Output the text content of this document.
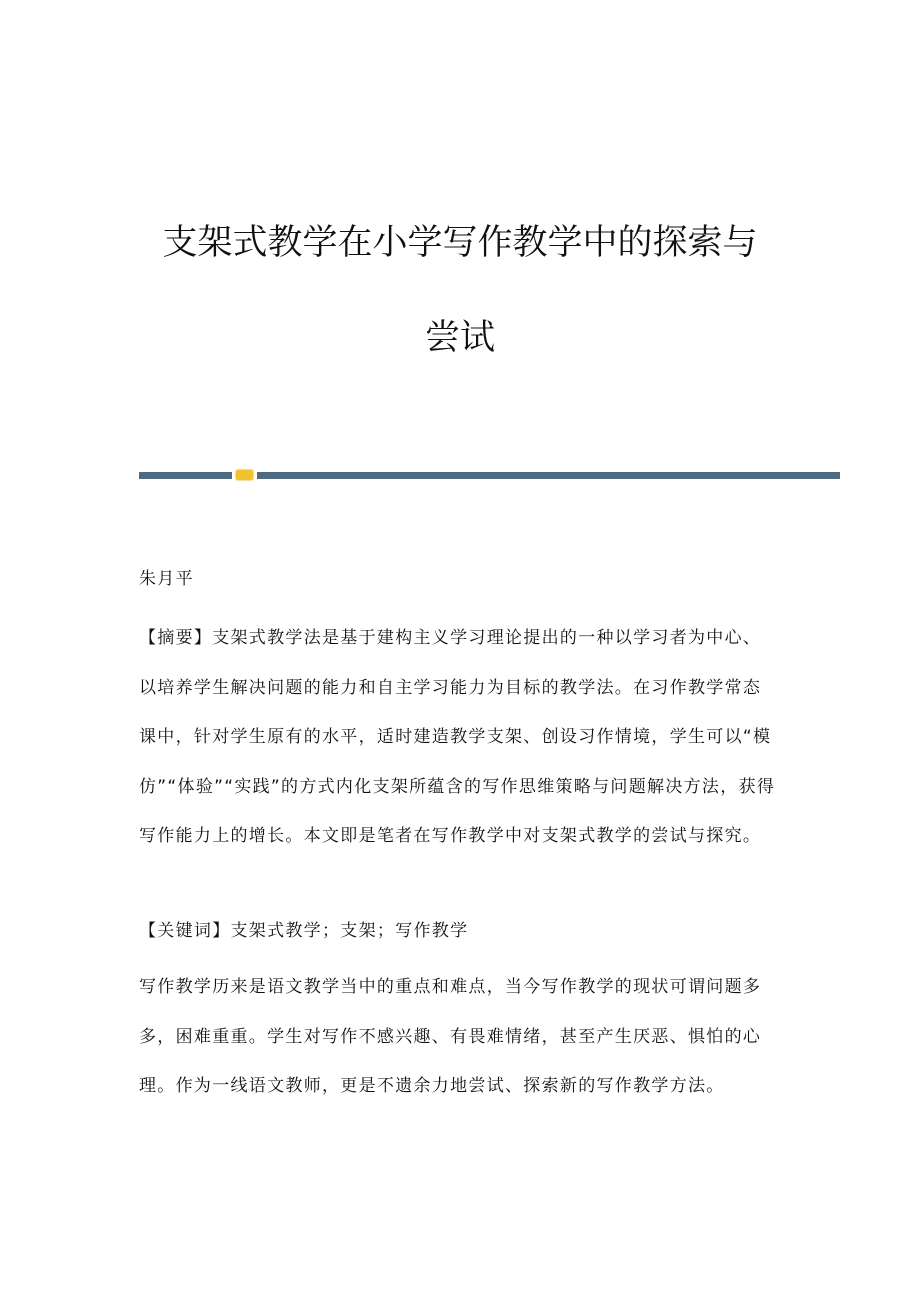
支架式教学在小学写作教学中的探索与
尝试
朱月平
【摘要】支架式教学法是基于建构主义学习理论提出的一种以学习者为中心、以培养学生解决问题的能力和自主学习能力为目标的教学法。在习作教学常态课中，针对学生原有的水平，适时建造教学支架、创设习作情境，学生可以“模仿”“体验”“实践”的方式内化支架所蕴含的写作思维策略与问题解决方法，获得写作能力上的增长。本文即是笔者在写作教学中对支架式教学的尝试与探究。
【关键词】支架式教学；支架；写作教学
写作教学历来是语文教学当中的重点和难点，当今写作教学的现状可谓问题多多，困难重重。学生对写作不感兴趣、有畏难情绪，甚至产生厌恶、惧怕的心理。作为一线语文教师，更是不遗余力地尝试、探索新的写作教学方法。
